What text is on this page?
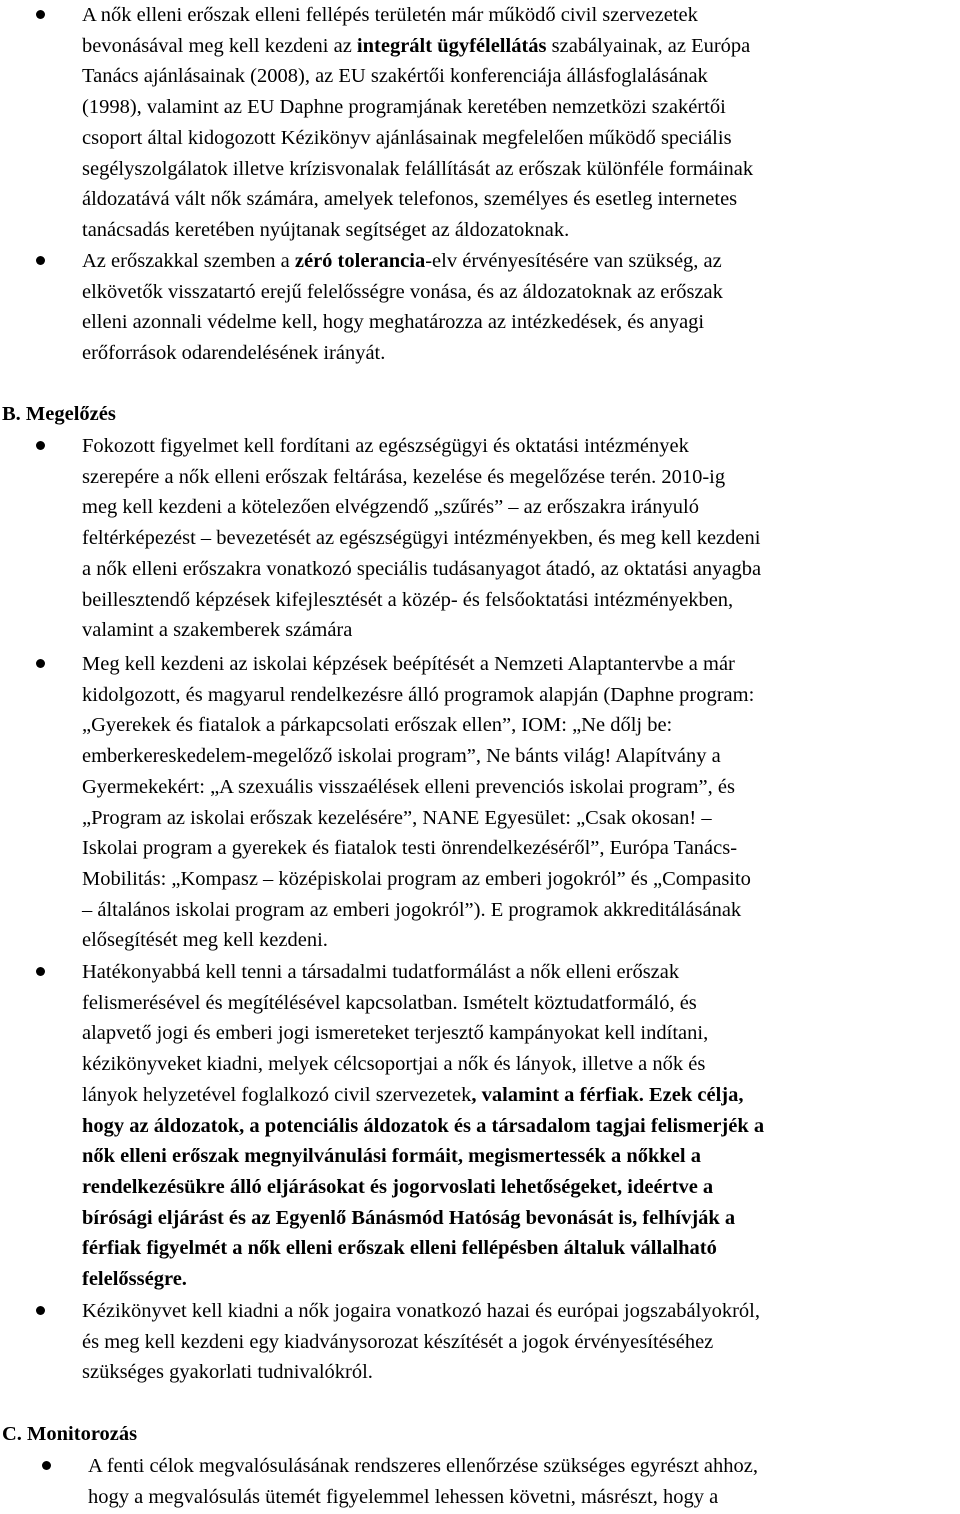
A nők elleni erőszak elleni fellépés területén már működő civil szervezetek
bevonásával meg kell kezdeni az integrált ügyfélellátás szabályainak, az Európa
Tanács ajánlásainak (2008), az EU szakértői konferenciája állásfoglalásának
(1998), valamint az EU Daphne programjának keretében nemzetközi szakértői
csoport által kidogozott Kézikönyv ajánlásainak megfelelően működő speciális
segélyszolgálatok illetve krízisvonalak felállítását az erőszak különféle formáinak
áldozatává vált nők számára, amelyek telefonos, személyes és esetleg internetes
tanácsadás keretében nyújtanak segítséget az áldozatoknak.
Az erőszakkal szemben a zéró tolerancia-elv érvényesítésére van szükség, az
elkövetők visszatartó erejű felelősségre vonása, és az áldozatoknak az erőszak
elleni azonnali védelme kell, hogy meghatározza az intézkedések, és anyagi
erőforrások odarendelésének irányát.
B. Megelőzés
Fokozott figyelmet kell fordítani az egészségügyi és oktatási intézmények
szerepére a nők elleni erőszak feltárása, kezelése és megelőzése terén. 2010-ig
meg kell kezdeni a kötelezően elvégzendő „szűrés” – az erőszakra irányuló
feltérképezést – bevezetését az egészségügyi intézményekben, és meg kell kezdeni
a nők elleni erőszakra vonatkozó speciális tudásanyagot átadó, az oktatási anyagba
beillesztendő képzések kifejlesztését a közép- és felsőoktatási intézményekben,
valamint a szakemberek számára
Meg kell kezdeni az iskolai képzések beépítését a Nemzeti Alaptantervbe a már
kidolgozott, és magyarul rendelkezésre álló programok alapján (Daphne program:
„Gyerekek és fiatalok a párkapcsolati erőszak ellen”, IOM: „Ne dőlj be:
emberkereskedelem-megelőző iskolai program”, Ne bánts világ! Alapítvány a
Gyermekekért: „A szexuális visszaélések elleni prevenciós iskolai program”, és
„Program az iskolai erőszak kezelésére”, NANE Egyesület: „Csak okosan! –
Iskolai program a gyerekek és fiatalok testi önrendelkezéséről”, Európa Tanács-
Mobilitás: „Kompasz – középiskolai program az emberi jogokról” és „Compasito
– általános iskolai program az emberi jogokról”). E programok akkreditálásának
elősegítését meg kell kezdeni.
Hatékonyabbá kell tenni a társadalmi tudatformálást a nők elleni erőszak
felismerésével és megítélésével kapcsolatban. Ismételt köztudatformáló, és
alapvető jogi és emberi jogi ismereteket terjesztő kampányokat kell indítani,
kézikönyveket kiadni, melyek célcsoportjai a nők és lányok, illetve a nők és
lányok helyzetével foglalkozó civil szervezetek, valamint a férfiak. Ezek célja,
hogy az áldozatok, a potenciális áldozatok és a társadalom tagjai felismerjék a
nők elleni erőszak megnyilvánulási formáit, megismertessék a nőkkel a
rendelkezésükre álló eljárásokat és jogorvoslati lehetőségeket, ideértve a
bírósági eljárást és az Egyenlő Bánásmód Hatóság bevonását is, felhívják a
férfiak figyelmét a nők elleni erőszak elleni fellépésben általuk vállalható
felelősségre.
Kézikönyvet kell kiadni a nők jogaira vonatkozó hazai és európai jogszabályokról,
és meg kell kezdeni egy kiadványsorozat készítését a jogok érvényesítéséhez
szükséges gyakorlati tudnivalókról.
C. Monitorozás
A fenti célok megvalósulásának rendszeres ellenőrzése szükséges egyrészt ahhoz,
hogy a megvalósulás ütemét figyelemmel lehessen követni, másrészt, hogy a
